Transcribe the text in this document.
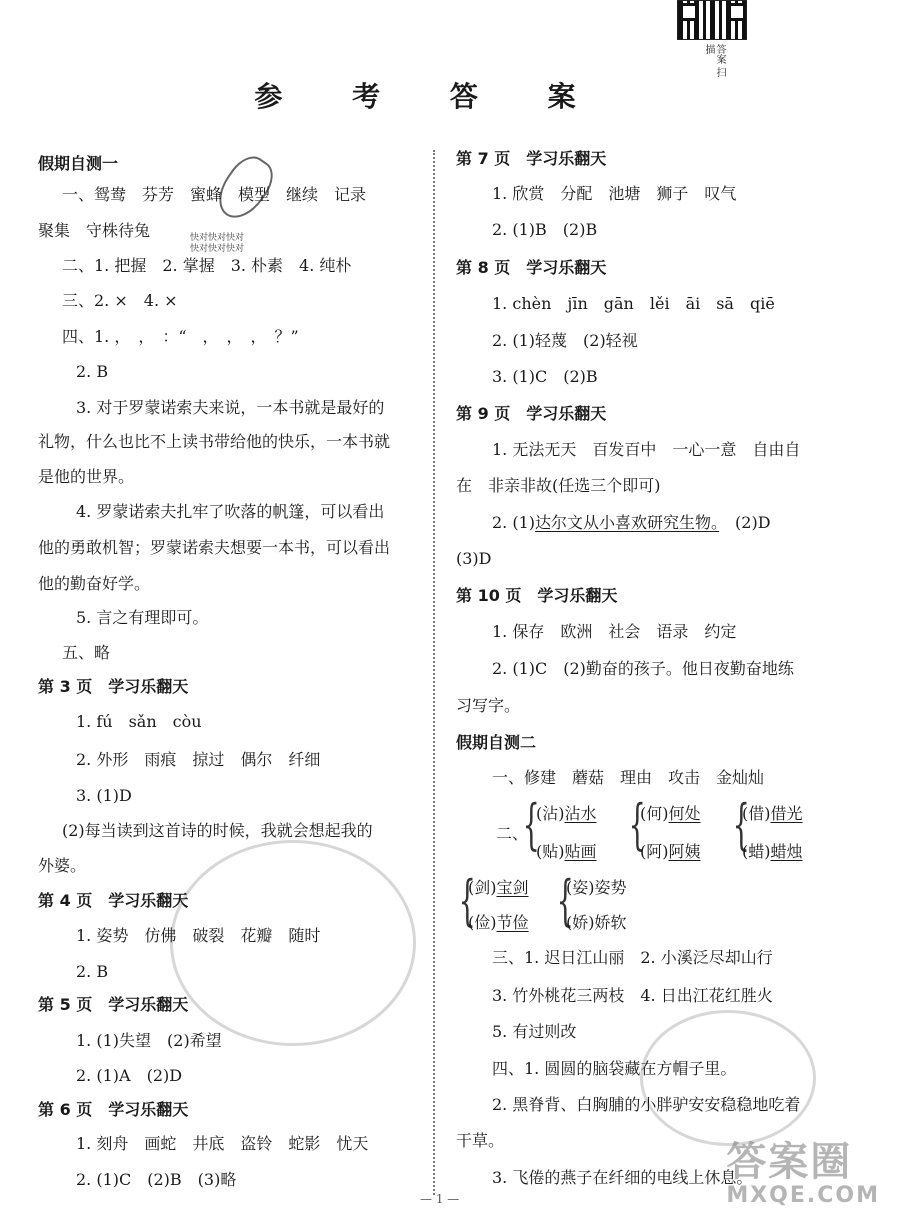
答案 扫描
参 考 答 案
快对快对快对
快对快对快对
假期自测一
一、鸳鸯　芬芳　蜜蜂　模型　继续　记录
聚集　守株待兔
二、1. 把握　2. 掌握　3. 朴素　4. 纯朴
三、2. ×　4. ×
四、1. ，　，　：“　，　，　，　？”
2. B
3. 对于罗蒙诺索夫来说，一本书就是最好的
礼物，什么也比不上读书带给他的快乐，一本书就
是他的世界。
4. 罗蒙诺索夫扎牢了吹落的帆篷，可以看出
他的勇敢机智；罗蒙诺索夫想要一本书，可以看出
他的勤奋好学。
5. 言之有理即可。
五、略
第 3 页　学习乐翻天
1. fú　sǎn　còu
2. 外形　雨痕　掠过　偶尔　纤细
3. (1)D
(2)每当读到这首诗的时候，我就会想起我的
外婆。
第 4 页　学习乐翻天
1. 姿势　仿佛　破裂　花瓣　随时
2. B
第 5 页　学习乐翻天
1. (1)失望　(2)希望
2. (1)A　(2)D
第 6 页　学习乐翻天
1. 刻舟　画蛇　井底　盗铃　蛇影　忧天
2. (1)C　(2)B　(3)略
第 7 页　学习乐翻天
1. 欣赏　分配　池塘　狮子　叹气
2. (1)B　(2)B
第 8 页　学习乐翻天
1. chèn　jīn　gān　lěi　āi　sā　qiē
2. (1)轻蔑　(2)轻视
3. (1)C　(2)B
第 9 页　学习乐翻天
1. 无法无天　百发百中　一心一意　自由自
在　非亲非故(任选三个即可)
(3)D
第 10 页　学习乐翻天
1. 保存　欧洲　社会　语录　约定
2. (1)C　(2)勤奋的孩子。他日夜勤奋地练
习写字。
假期自测二
一、修建　蘑菇　理由　攻击　金灿灿
三、1. 迟日江山丽　2. 小溪泛尽却山行
3. 竹外桃花三两枝　4. 日出江花红胜火
5. 有过则改
四、1. 圆圆的脑袋藏在方帽子里。
2. 黑脊背、白胸脯的小胖驴安安稳稳地吃着
干草。
3. 飞倦的燕子在纤细的电线上休息。
2. (1)达尔文从小喜欢研究生物。　(2)D
二、
{
(沾)沾水
(贴)贴画 {
(何)何处
(阿)阿姨 {
(借)借光
(蜡)蜡烛
{
(剑)宝剑
(俭)节俭 {
(姿)姿势
(娇)娇软
答案圈
MXQE.COM
— 1 —
